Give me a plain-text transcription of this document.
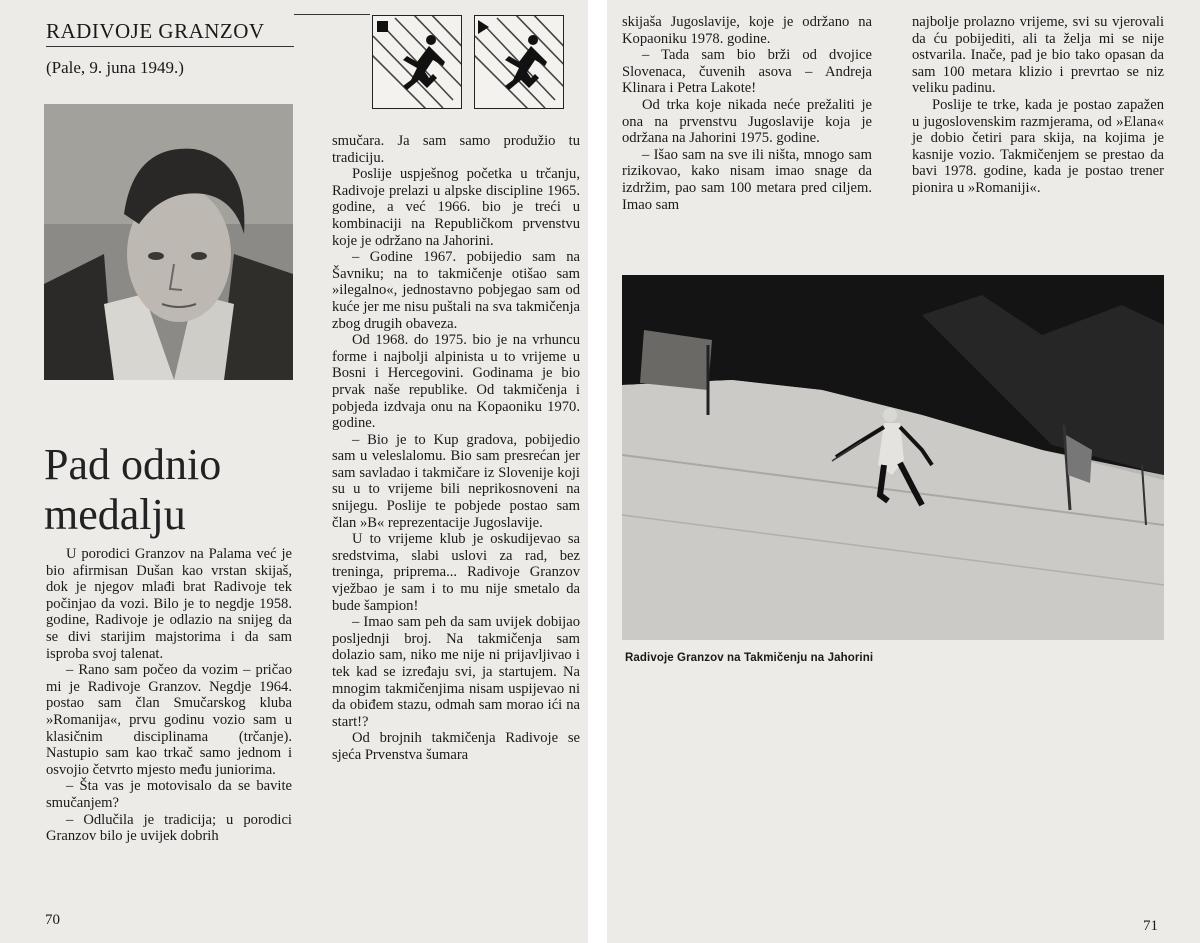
RADIVOJE GRANZOV
(Pale, 9. juna 1949.)
Pad odnio
medalju

U porodici Granzov na Palama već je bio afirmisan Dušan kao vrstan skijaš, dok je njegov mlađi brat Radivoje tek počinjao da vozi. Bilo je to negdje 1958. godine, Radivoje je odlazio na snijeg da se divi starijim majstorima i da sam isproba svoj talenat.

– Rano sam počeo da vozim – pričao mi je Radivoje Granzov. Negdje 1964. postao sam član Smučarskog kluba »Romanija«, prvu godinu vozio sam u klasičnim disciplinama (trčanje). Nastupio sam kao trkač samo jednom i osvojio četvrto mjesto među juniorima.

– Šta vas je motovisalo da se bavite smučanjem?

– Odlučila je tradicija; u porodici Granzov bilo je uvijek dobrih

smučara. Ja sam samo produžio tu tradiciju.

Poslije uspješnog početka u trčanju, Radivoje prelazi u alpske discipline 1965. godine, a već 1966. bio je treći u kombinaciji na Republičkom prvenstvu koje je održano na Jahorini.

– Godine 1967. pobijedio sam na Šavniku; na to takmičenje otišao sam »ilegalno«, jednostavno pobjegao sam od kuće jer me nisu puštali na sva takmičenja zbog drugih obaveza.

Od 1968. do 1975. bio je na vrhuncu forme i najbolji alpinista u to vrijeme u Bosni i Hercegovini. Godinama je bio prvak naše republike. Od takmičenja i pobjeda izdvaja onu na Kopaoniku 1970. godine.

– Bio je to Kup gradova, pobijedio sam u veleslalomu. Bio sam presrećan jer sam savladao i takmičare iz Slovenije koji su u to vrijeme bili neprikosnoveni na snijegu. Poslije te pobjede postao sam član »B« reprezentacije Jugoslavije.

U to vrijeme klub je oskudijevao sa sredstvima, slabi uslovi za rad, bez treninga, priprema... Radivoje Granzov vježbao je sam i to mu nije smetalo da bude šampion!

– Imao sam peh da sam uvijek dobijao posljednji broj. Na takmičenja sam dolazio sam, niko me nije ni prijavljivao i tek kad se izređaju svi, ja startujem. Na mnogim takmičenjima nisam uspijevao ni da obiđem stazu, odmah sam morao ići na start!?

Od brojnih takmičenja Radivoje se sjeća Prvenstva šumara

70

skijaša Jugoslavije, koje je održano na Kopaoniku 1978. godine.

– Tada sam bio brži od dvojice Slovenaca, čuvenih asova – Andreja Klinara i Petra Lakote!

Od trka koje nikada neće prežaliti je ona na prvenstvu Jugoslavije koja je održana na Jahorini 1975. godine.

– Išao sam na sve ili ništa, mnogo sam rizikovao, kako nisam imao snage da izdržim, pao sam 100 metara pred ciljem. Imao sam

najbolje prolazno vrijeme, svi su vjerovali da ću pobijediti, ali ta želja mi se nije ostvarila. Inače, pad je bio tako opasan da sam 100 metara klizio i prevrtao se niz veliku padinu.

Poslije te trke, kada je postao zapažen u jugoslovenskim razmjerama, od »Elana« je dobio četiri para skija, na kojima je kasnije vozio. Takmičenjem se prestao da bavi 1978. godine, kada je postao trener pionira u »Romaniji«.

Radivoje Granzov na Takmičenju na Jahorini
71
